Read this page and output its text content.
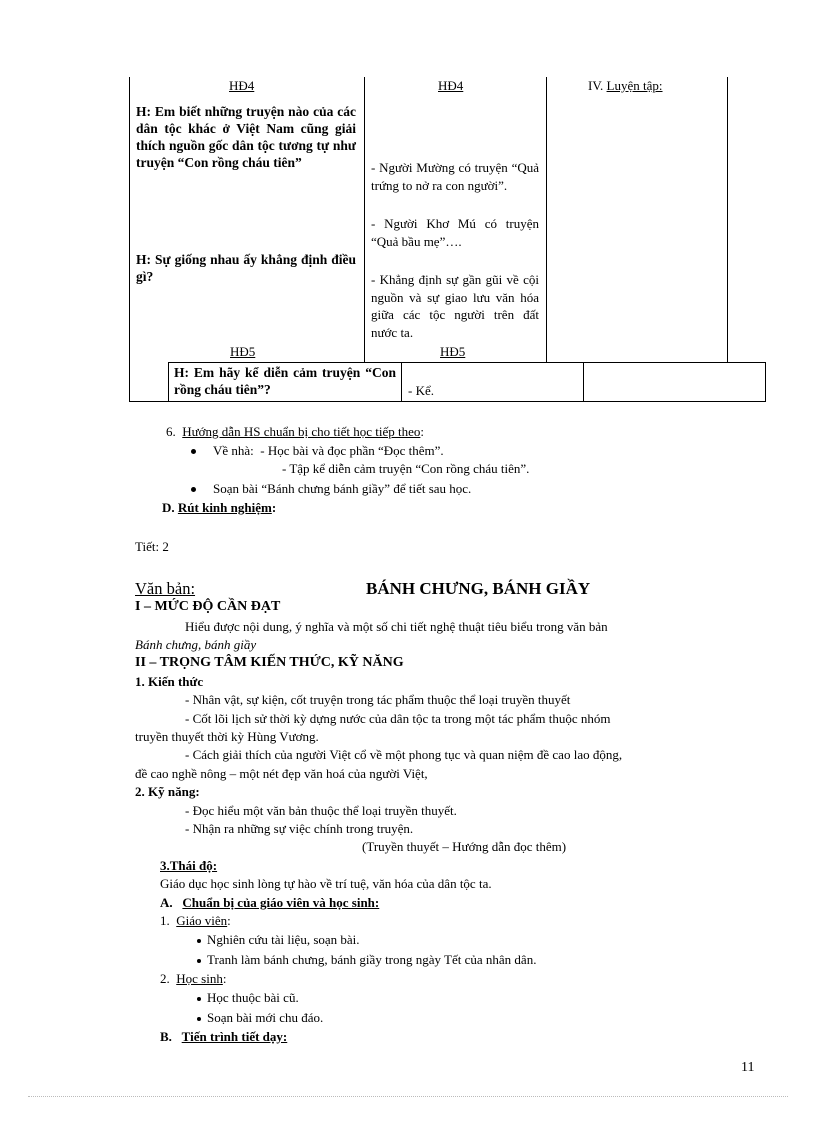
HĐ4	HĐ4	IV. Luyện tập:
H: Em biết những truyện nào của các dân tộc khác ở Việt Nam cũng giải thích nguồn gốc dân tộc tương tự như truyện “Con rồng cháu tiên”	- Người Mường có truyện “Quả trứng to nở ra con người”.
- Người Khơ Mú có truyện “Quả bầu mẹ”….
H: Sự giống nhau ấy khẳng định điều gì?	- Khẳng định sự gần gũi về cội nguồn và sự giao lưu văn hóa giữa các tộc người trên đất nước ta.
HĐ5	HĐ5
H: Em hãy kể diễn cảm truyện “Con rồng cháu tiên”?	- Kể.
6. Hướng dẫn HS chuẩn bị cho tiết học tiếp theo:
Về nhà: - Học bài và đọc phần “Đọc thêm”.
- Tập kể diễn cảm truyện “Con rồng cháu tiên”.
Soạn bài “Bánh chưng bánh giầy” để tiết sau học.
D. Rút kinh nghiệm:
Tiết: 2
Văn bản:	BÁNH CHƯNG, BÁNH GIẦY
I – MỨC ĐỘ CẦN ĐẠT
Hiểu được nội dung, ý nghĩa và một số chi tiết nghệ thuật tiêu biểu trong văn bản
Bánh chưng, bánh giầy
II – TRỌNG TÂM KIẾN THỨC, KỸ NĂNG
1. Kiến thức
- Nhân vật, sự kiện, cốt truyện trong tác phẩm thuộc thể loại truyền thuyết
- Cốt lõi lịch sử thời kỳ dựng nước của dân tộc ta trong một tác phẩm thuộc nhóm
truyền thuyết thời kỳ Hùng Vương.
- Cách giải thích của người Việt cổ về một phong tục và quan niệm đề cao lao động,
đề cao nghề nông – một nét đẹp văn hoá của người Việt,
2. Kỹ năng:
- Đọc hiểu một văn bản thuộc thể loại truyền thuyết.
- Nhận ra những sự việc chính trong truyện.
(Truyền thuyết – Hướng dẫn đọc thêm)
3.Thái độ:
Giáo dục học sinh lòng tự hào về trí tuệ, văn hóa của dân tộc ta.
A. Chuẩn bị của giáo viên và học sinh:
1. Giáo viên:
Nghiên cứu tài liệu, soạn bài.
Tranh làm bánh chưng, bánh giầy trong ngày Tết của nhân dân.
2. Học sinh:
Học thuộc bài cũ.
Soạn bài mới chu đáo.
B. Tiến trình tiết dạy:
11
